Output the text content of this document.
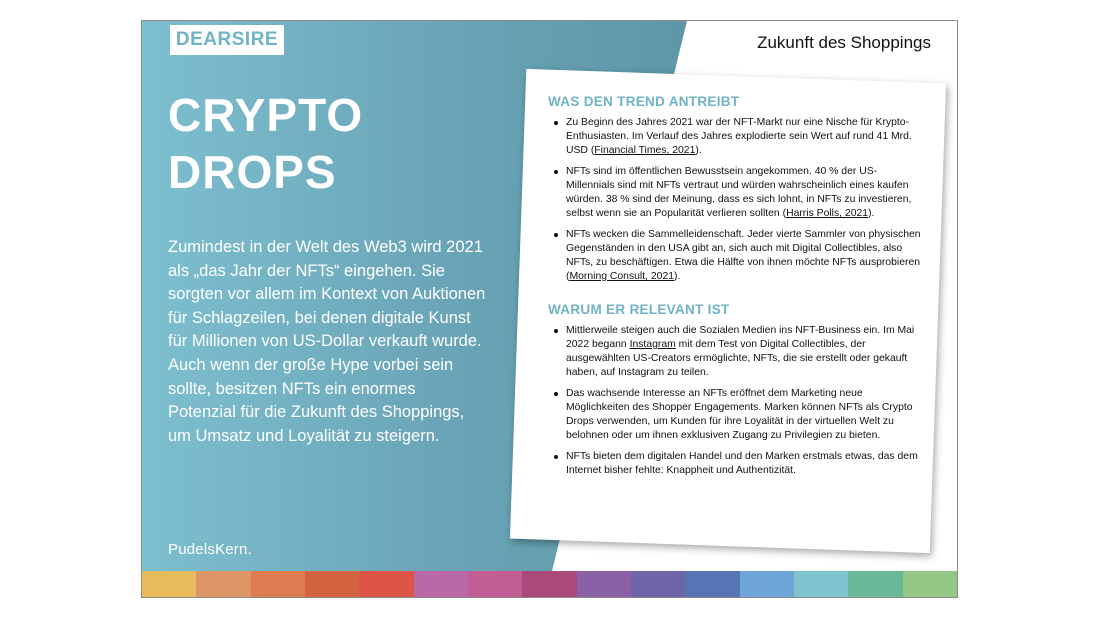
DEARSIRE	Zukunft des Shoppings
CRYPTO
DROPS
Zumindest in der Welt des Web3 wird 2021 als „das Jahr der NFTs“ eingehen. Sie sorgten vor allem im Kontext von Auktionen für Schlagzeilen, bei denen digitale Kunst für Millionen von US-Dollar verkauft wurde. Auch wenn der große Hype vorbei sein sollte, besitzen NFTs ein enormes Potenzial für die Zukunft des Shoppings, um Umsatz und Loyalität zu steigern.
PudelsKern.
WAS DEN TREND ANTREIBT
Zu Beginn des Jahres 2021 war der NFT-Markt nur eine Nische für Krypto-Enthusiasten. Im Verlauf des Jahres explodierte sein Wert auf rund 41 Mrd. USD (Financial Times, 2021).
NFTs sind im öffentlichen Bewusstsein angekommen. 40 % der US-Millennials sind mit NFTs vertraut und würden wahrscheinlich eines kaufen würden. 38 % sind der Meinung, dass es sich lohnt, in NFTs zu investieren, selbst wenn sie an Popularität verlieren sollten (Harris Polls, 2021).
NFTs wecken die Sammelleidenschaft. Jeder vierte Sammler von physischen Gegenständen in den USA gibt an, sich auch mit Digital Collectibles, also NFTs, zu beschäftigen. Etwa die Hälfte von ihnen möchte NFTs ausprobieren (Morning Consult, 2021).
WARUM ER RELEVANT IST
Mittlerweile steigen auch die Sozialen Medien ins NFT-Business ein. Im Mai 2022 begann Instagram mit dem Test von Digital Collectibles, der ausgewählten US-Creators ermöglichte, NFTs, die sie erstellt oder gekauft haben, auf Instagram zu teilen.
Das wachsende Interesse an NFTs eröffnet dem Marketing neue Möglichkeiten des Shopper Engagements. Marken können NFTs als Crypto Drops verwenden, um Kunden für ihre Loyalität in der virtuellen Welt zu belohnen oder um ihnen exklusiven Zugang zu Privilegien zu bieten.
NFTs bieten dem digitalen Handel und den Marken erstmals etwas, das dem Internet bisher fehlte: Knappheit und Authentizität.
